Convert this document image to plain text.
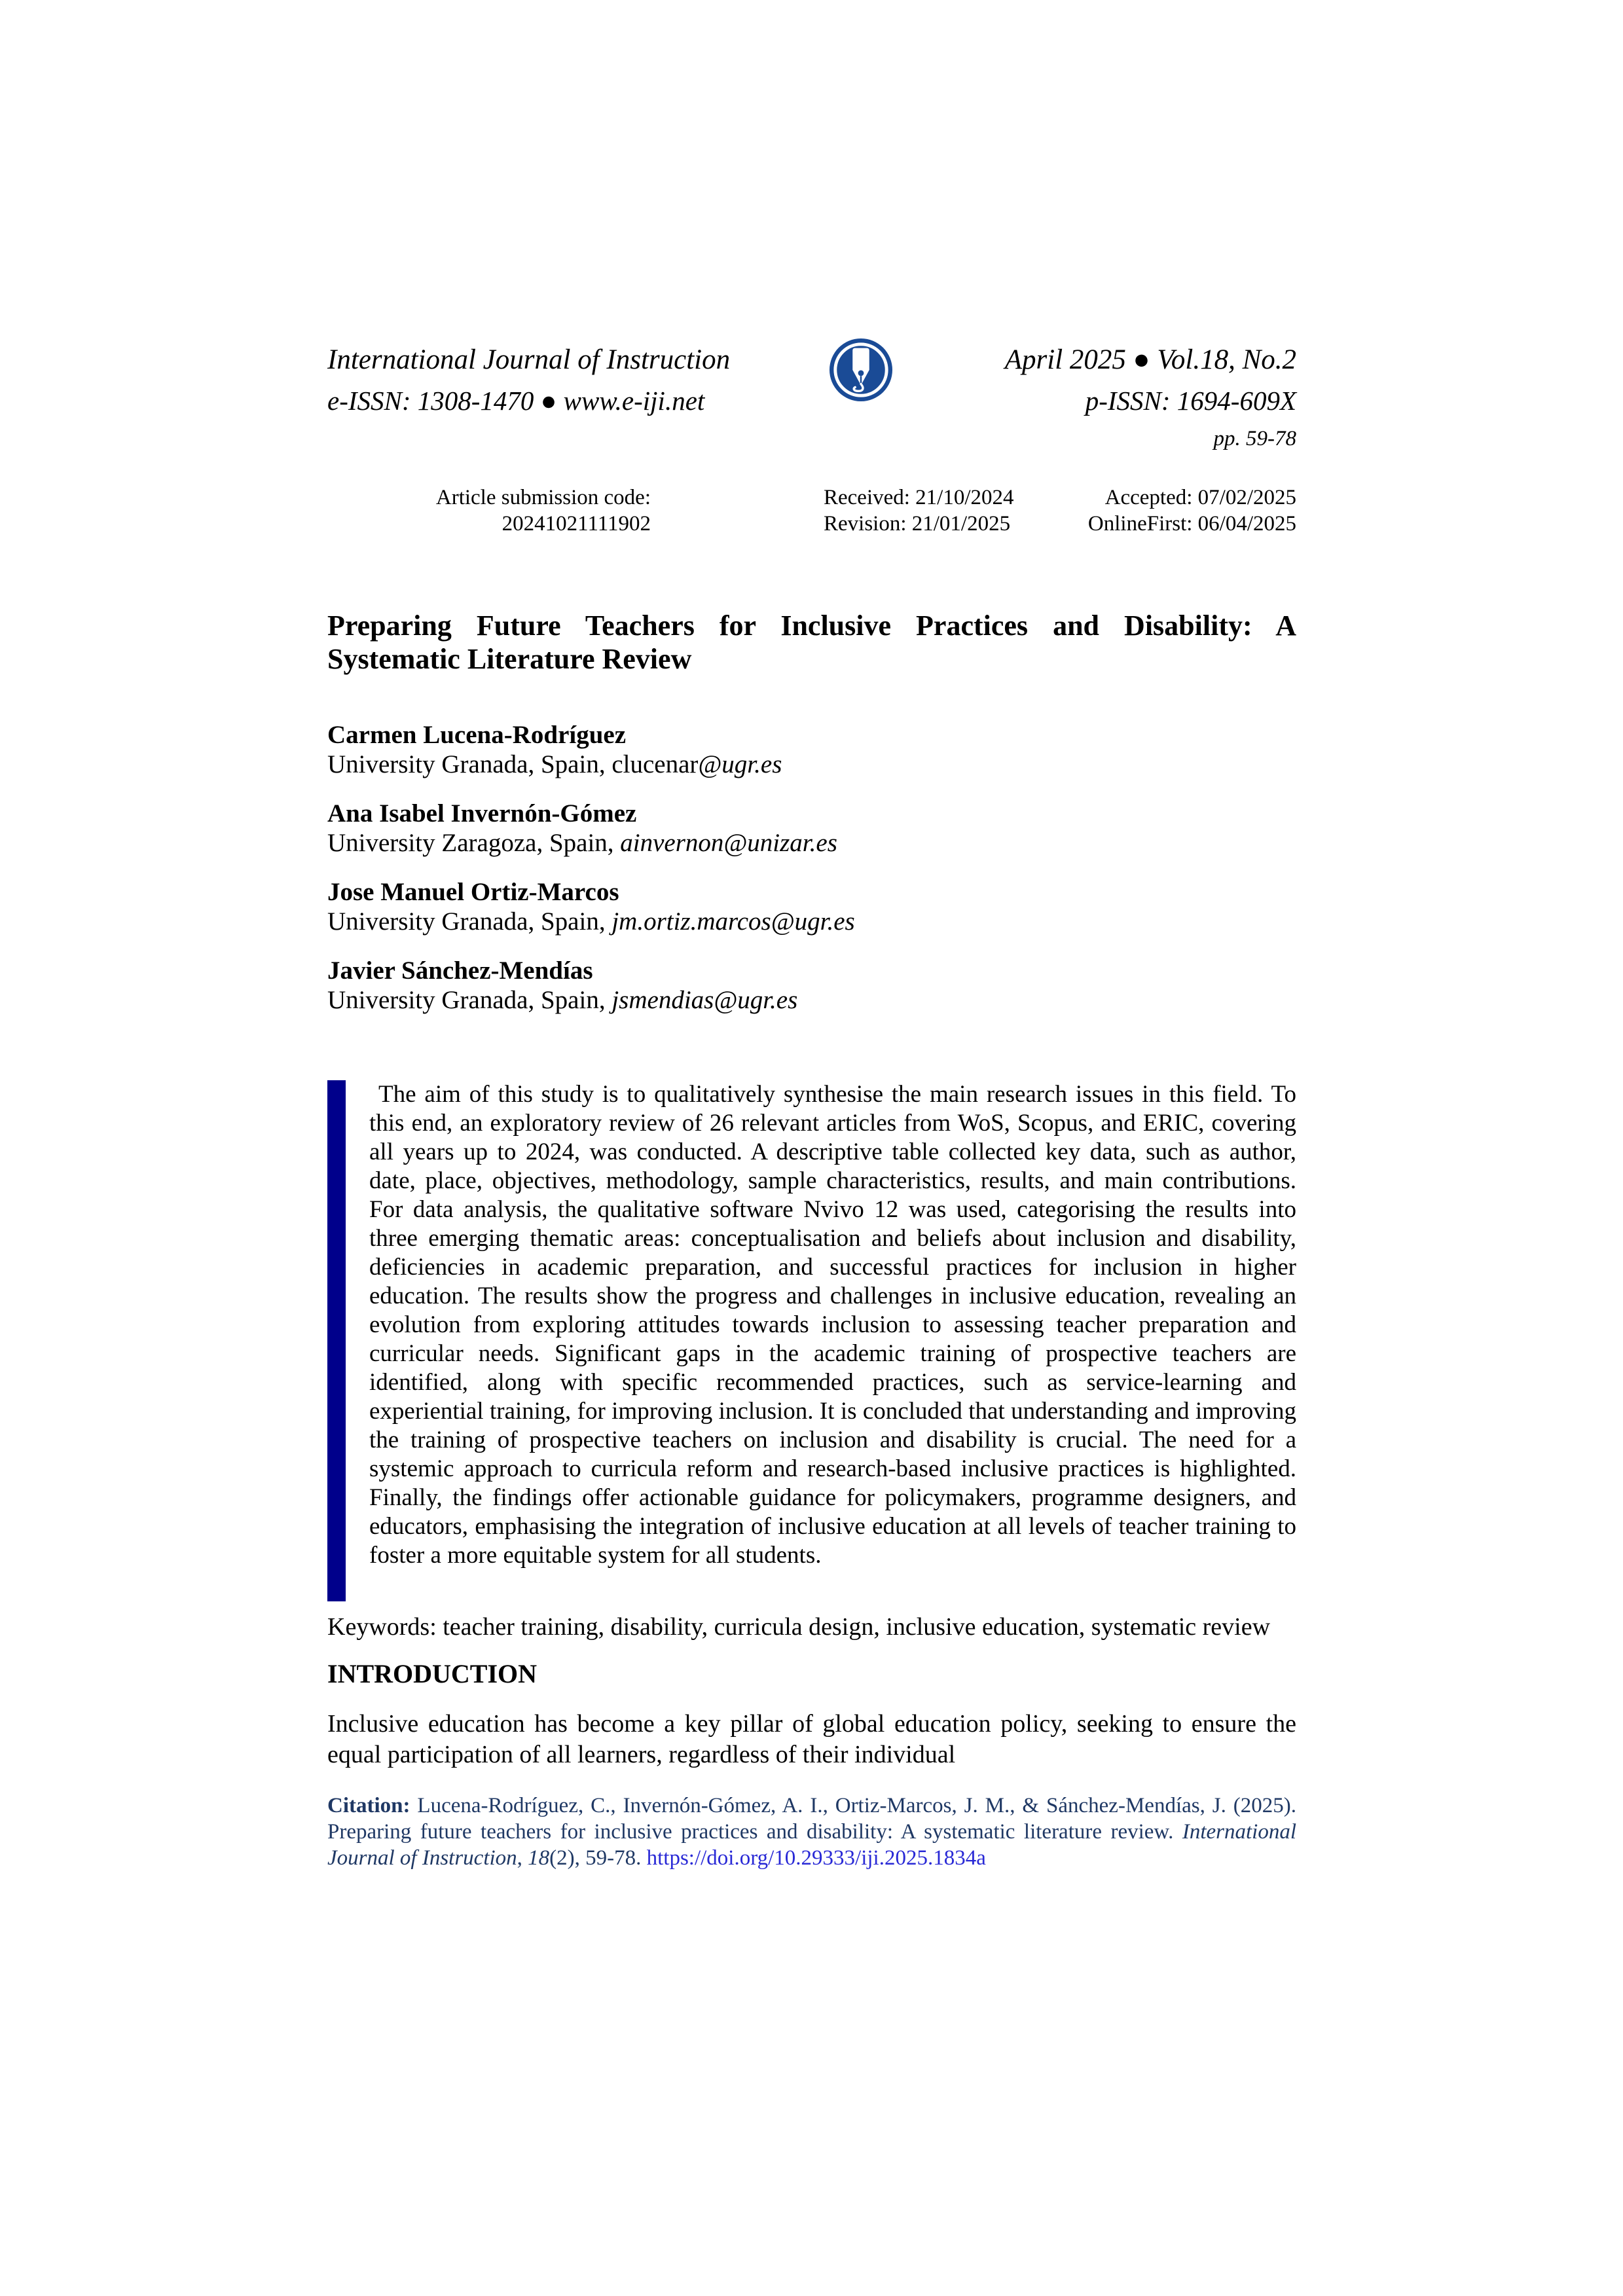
International Journal of Instruction
e-ISSN: 1308-1470 ● www.e-iji.net
April 2025 ● Vol.18, No.2
p-ISSN: 1694-609X
pp. 59-78
Article submission code:
20241021111902
Received: 21/10/2024
Revision: 21/01/2025
Accepted: 07/02/2025
OnlineFirst: 06/04/2025
Preparing Future Teachers for Inclusive Practices and Disability: A
Systematic Literature Review
Carmen Lucena-Rodríguez
University Granada, Spain, clucenar@ugr.es
Ana Isabel Invernón-Gómez
University Zaragoza, Spain, ainvernon@unizar.es
Jose Manuel Ortiz-Marcos
University Granada, Spain, jm.ortiz.marcos@ugr.es
Javier Sánchez-Mendías
University Granada, Spain, jsmendias@ugr.es
The aim of this study is to qualitatively synthesise the main research issues in this field. To this end, an exploratory review of 26 relevant articles from WoS, Scopus, and ERIC, covering all years up to 2024, was conducted. A descriptive table collected key data, such as author, date, place, objectives, methodology, sample characteristics, results, and main contributions. For data analysis, the qualitative software Nvivo 12 was used, categorising the results into three emerging thematic areas: conceptualisation and beliefs about inclusion and disability, deficiencies in academic preparation, and successful practices for inclusion in higher education. The results show the progress and challenges in inclusive education, revealing an evolution from exploring attitudes towards inclusion to assessing teacher preparation and curricular needs. Significant gaps in the academic training of prospective teachers are identified, along with specific recommended practices, such as service-learning and experiential training, for improving inclusion. It is concluded that understanding and improving the training of prospective teachers on inclusion and disability is crucial. The need for a systemic approach to curricula reform and research-based inclusive practices is highlighted. Finally, the findings offer actionable guidance for policymakers, programme designers, and educators, emphasising the integration of inclusive education at all levels of teacher training to foster a more equitable system for all students.
Keywords: teacher training, disability, curricula design, inclusive education, systematic review
INTRODUCTION
Inclusive education has become a key pillar of global education policy, seeking to ensure the equal participation of all learners, regardless of their individual
Citation: Lucena-Rodríguez, C., Invernón-Gómez, A. I., Ortiz-Marcos, J. M., & Sánchez-Mendías, J. (2025). Preparing future teachers for inclusive practices and disability: A systematic literature review. International Journal of Instruction, 18(2), 59-78. https://doi.org/10.29333/iji.2025.1834a
